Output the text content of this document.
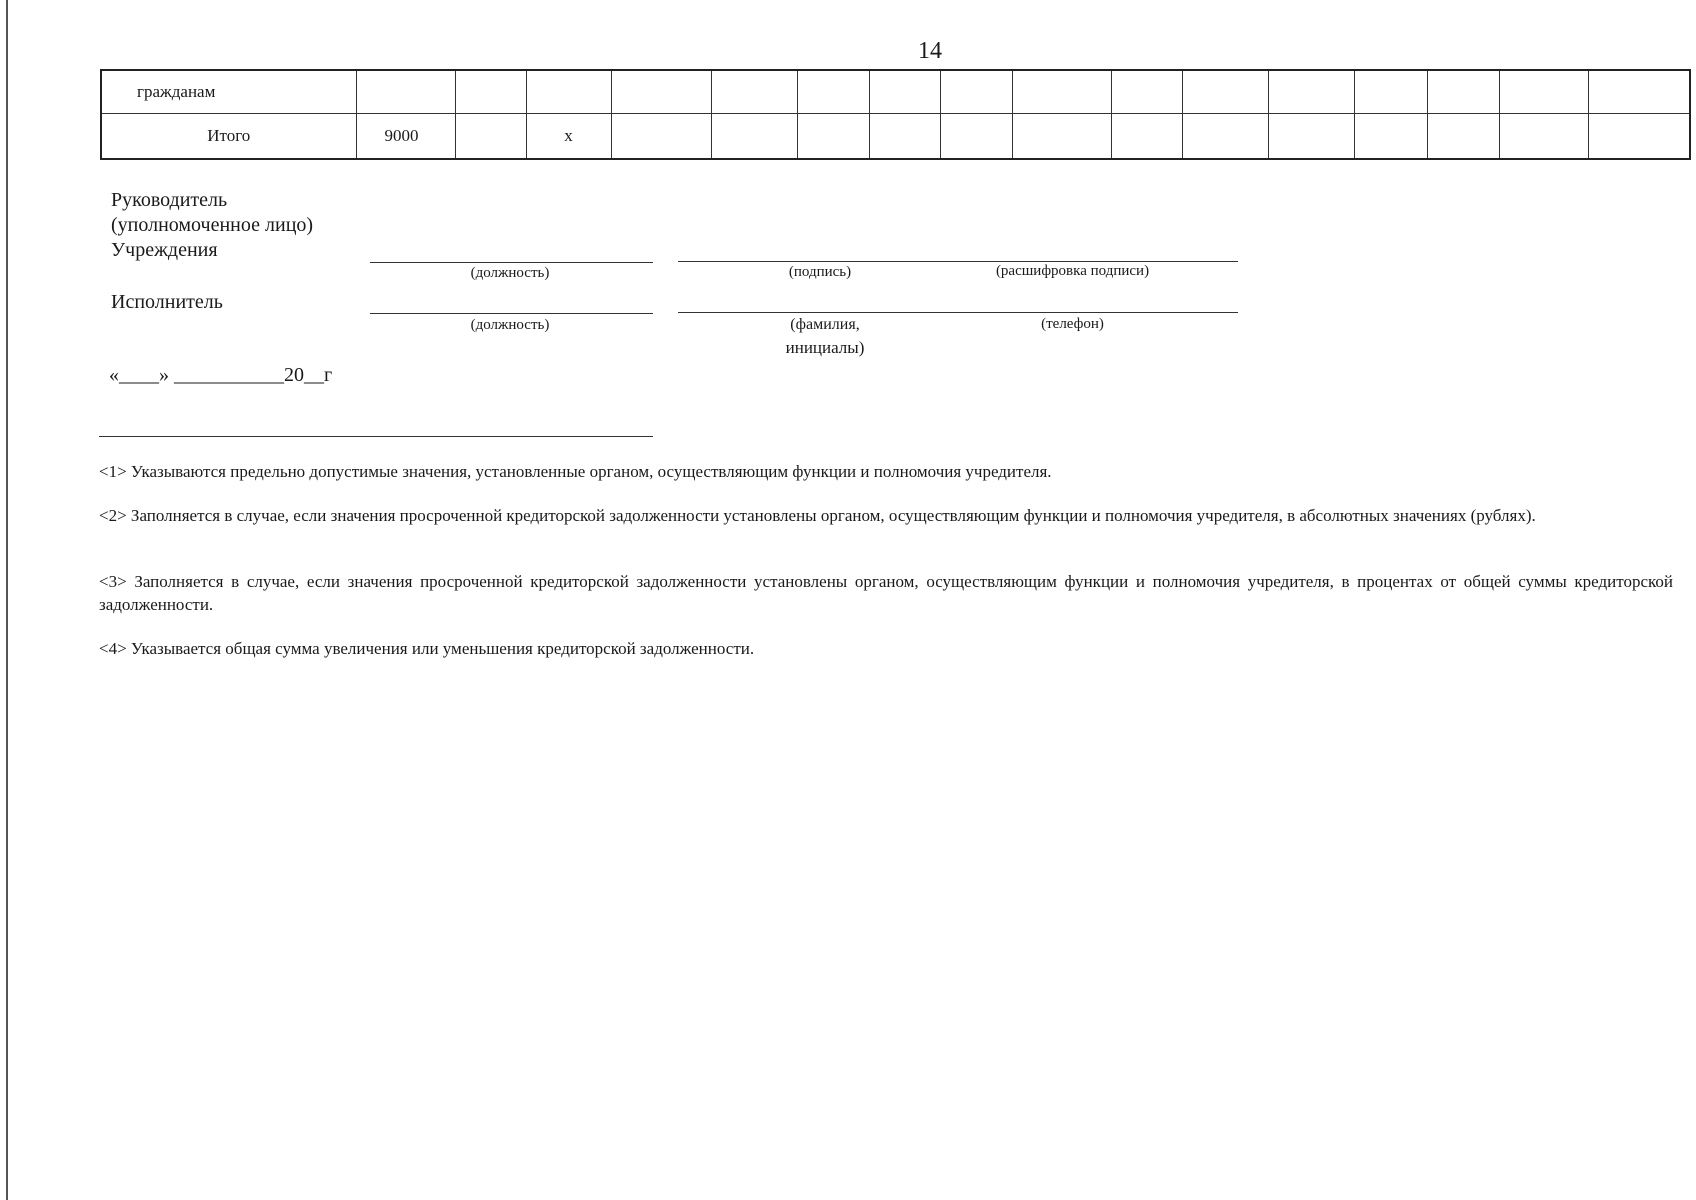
14
гражданам																
Итого	9000		х													
Руководитель
(уполномоченное лицо)
Учреждения
(должность)	(подпись)	(расшифровка подписи)
Исполнитель
(должность)	(фамилия,
инициалы)
(телефон)
«____» ___________20__г
<1> Указываются предельно допустимые значения, установленные органом, осуществляющим функции и полномочия учредителя.
<2> Заполняется в случае, если значения просроченной кредиторской задолженности установлены органом, осуществляющим функции и полномочия учредителя, в абсолютных значениях (рублях).
<3> Заполняется в случае, если значения просроченной кредиторской задолженности установлены органом, осуществляющим функции и полномочия учредителя, в процентах от общей суммы кредиторской задолженности.
<4> Указывается общая сумма увеличения или уменьшения кредиторской задолженности.
